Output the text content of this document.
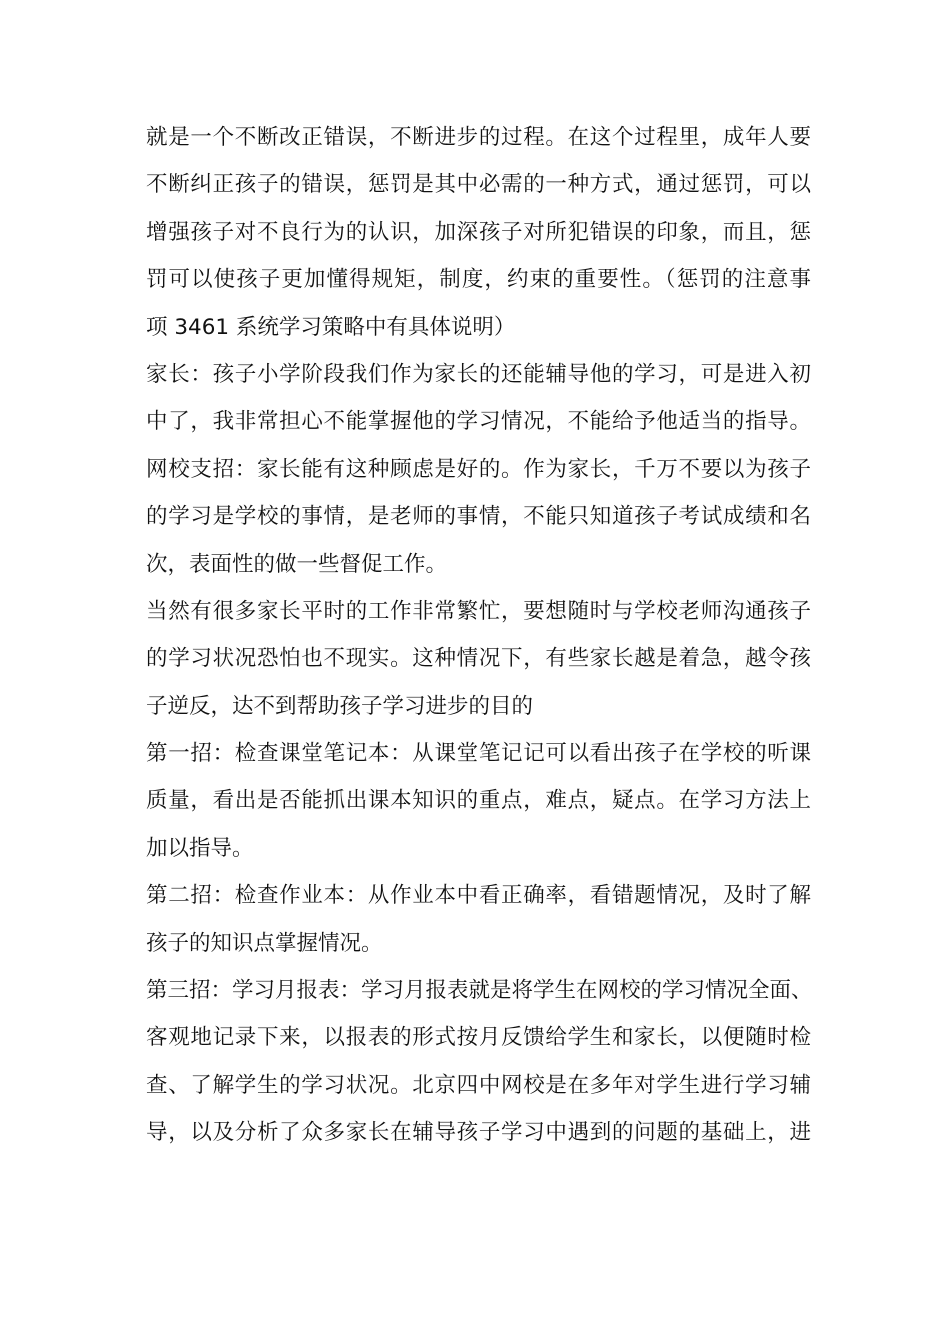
就是一个不断改正错误，不断进步的过程。在这个过程里，成年人要
不断纠正孩子的错误，惩罚是其中必需的一种方式，通过惩罚，可以
增强孩子对不良行为的认识，加深孩子对所犯错误的印象，而且，惩
罚可以使孩子更加懂得规矩，制度，约束的重要性。（惩罚的注意事
项 3461 系统学习策略中有具体说明）
家长：孩子小学阶段我们作为家长的还能辅导他的学习，可是进入初
中了，我非常担心不能掌握他的学习情况，不能给予他适当的指导。
网校支招：家长能有这种顾虑是好的。作为家长，千万不要以为孩子
的学习是学校的事情，是老师的事情，不能只知道孩子考试成绩和名
次，表面性的做一些督促工作。
当然有很多家长平时的工作非常繁忙，要想随时与学校老师沟通孩子
的学习状况恐怕也不现实。这种情况下，有些家长越是着急，越令孩
子逆反，达不到帮助孩子学习进步的目的
第一招：检查课堂笔记本：从课堂笔记记可以看出孩子在学校的听课
质量，看出是否能抓出课本知识的重点，难点，疑点。在学习方法上
加以指导。
第二招：检查作业本：从作业本中看正确率，看错题情况，及时了解
孩子的知识点掌握情况。
第三招：学习月报表：学习月报表就是将学生在网校的学习情况全面、
客观地记录下来，以报表的形式按月反馈给学生和家长，以便随时检
查、了解学生的学习状况。北京四中网校是在多年对学生进行学习辅
导，以及分析了众多家长在辅导孩子学习中遇到的问题的基础上，进
